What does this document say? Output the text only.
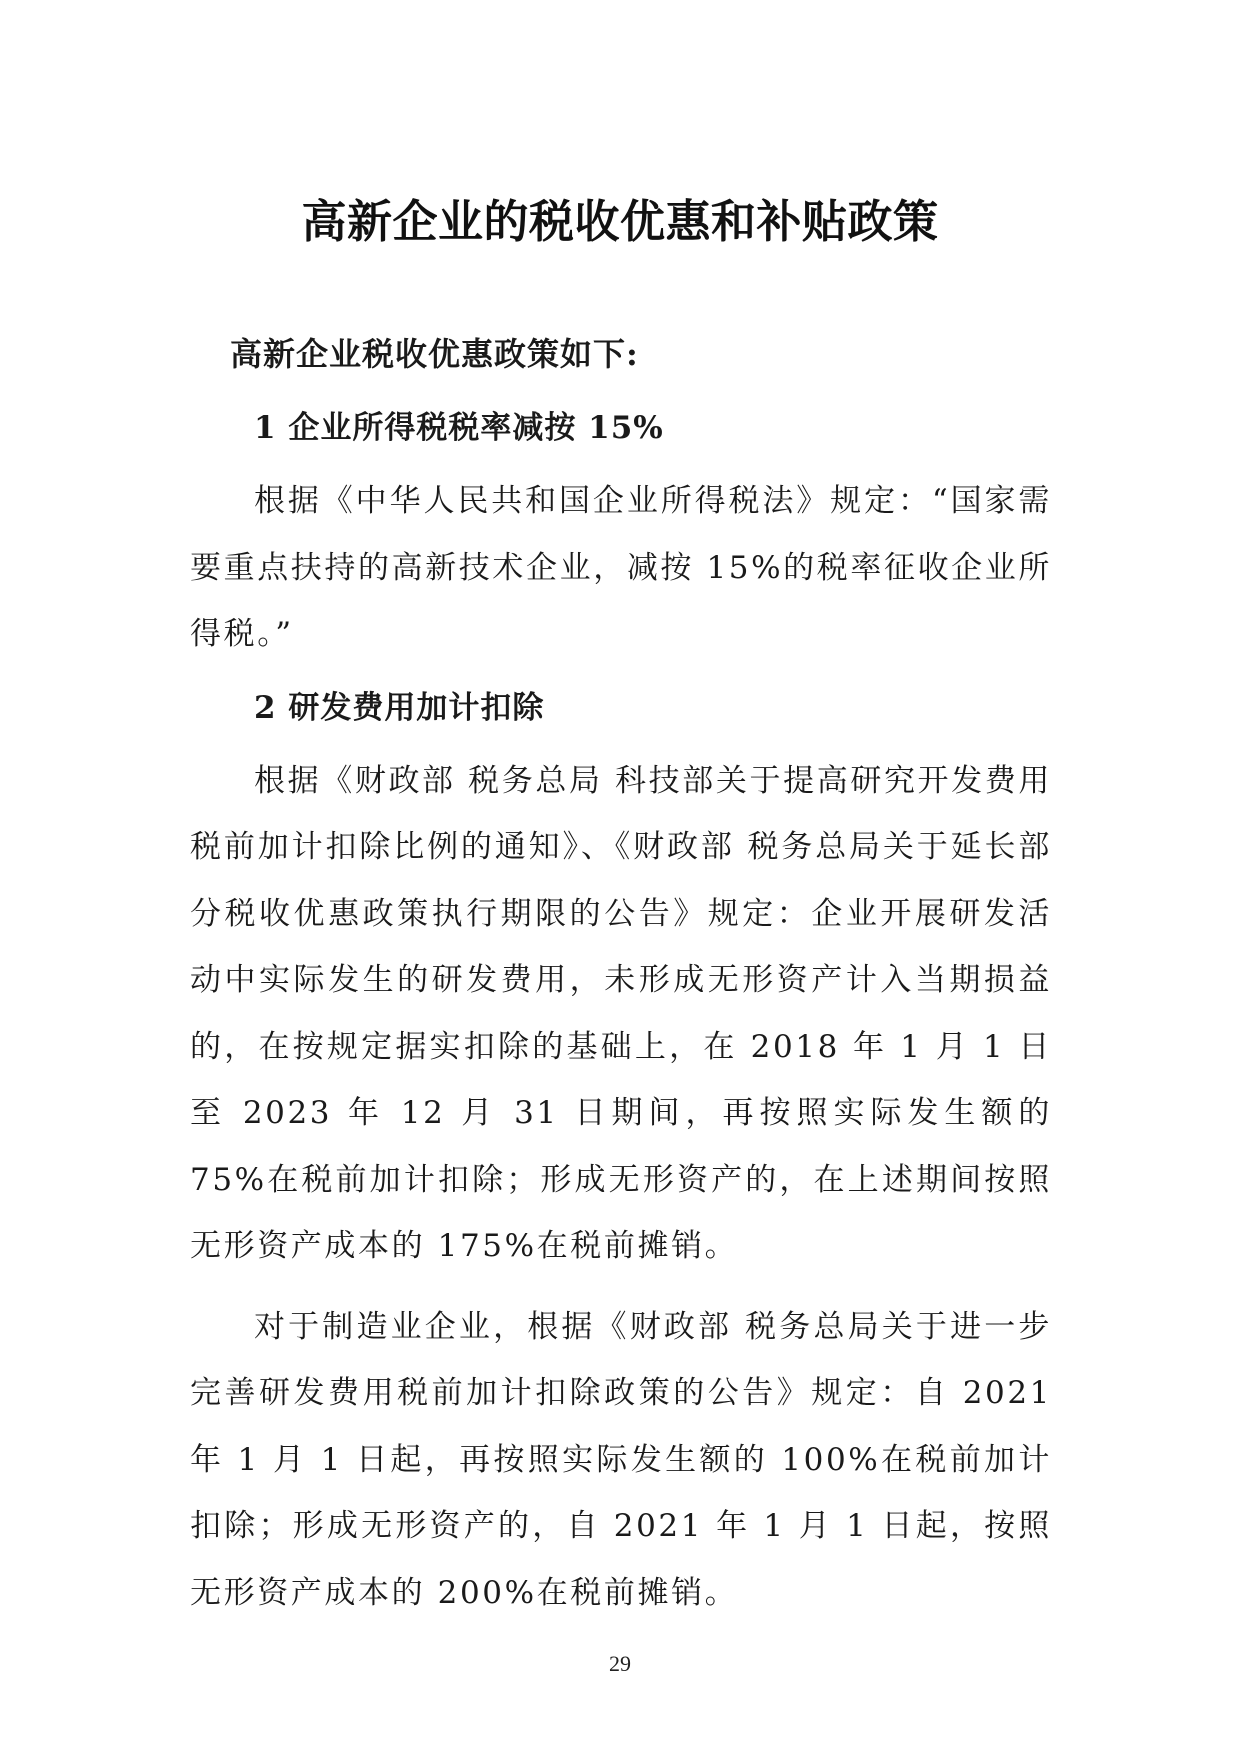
高新企业的税收优惠和补贴政策

高新企业税收优惠政策如下:

1 企业所得税税率减按 15%

根据《中华人民共和国企业所得税法》规定：“国家需要重点扶持的高新技术企业，减按 15%的税率征收企业所得税。”

2 研发费用加计扣除

根据《财政部 税务总局 科技部关于提高研究开发费用税前加计扣除比例的通知》、《财政部 税务总局关于延长部分税收优惠政策执行期限的公告》规定：企业开展研发活动中实际发生的研发费用，未形成无形资产计入当期损益的，在按规定据实扣除的基础上，在 2018 年 1 月 1 日至 2023 年 12 月 31 日期间，再按照实际发生额的 75%在税前加计扣除；形成无形资产的，在上述期间按照无形资产成本的 175%在税前摊销。

对于制造业企业，根据《财政部 税务总局关于进一步完善研发费用税前加计扣除政策的公告》规定：自 2021 年 1 月 1 日起，再按照实际发生额的 100%在税前加计扣除；形成无形资产的，自 2021 年 1 月 1 日起，按照无形资产成本的 200%在税前摊销。

29
